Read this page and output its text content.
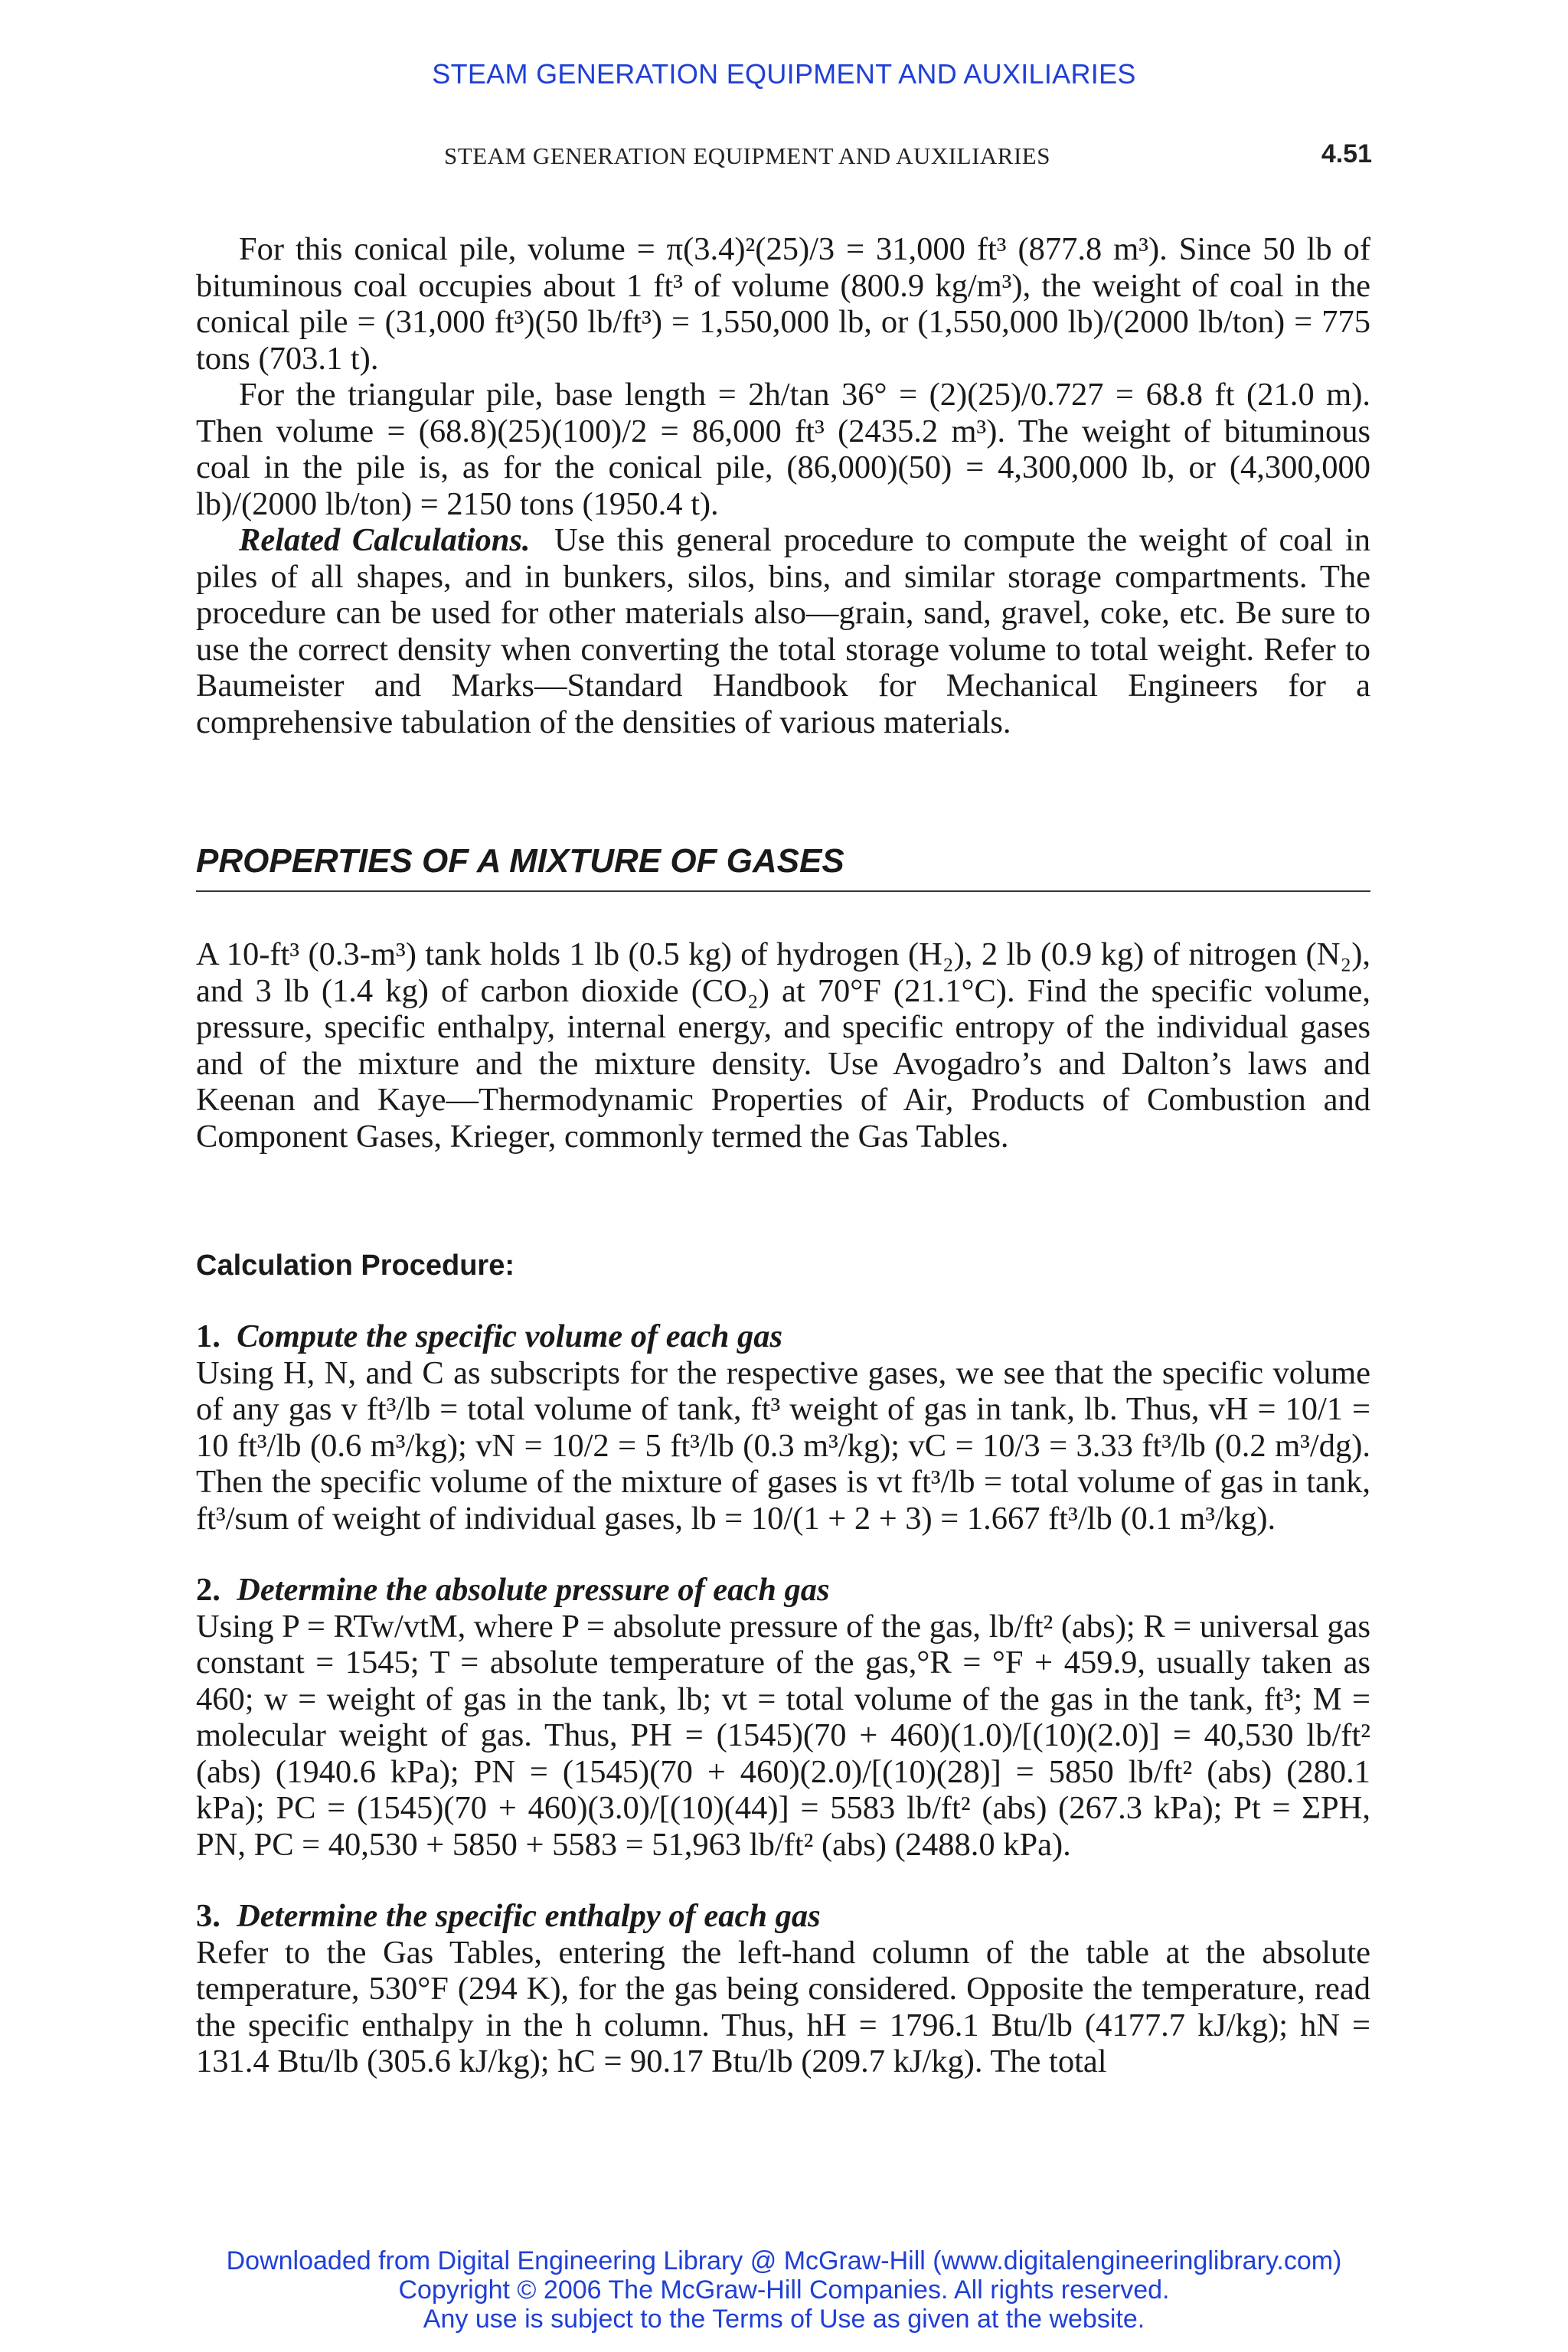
STEAM GENERATION EQUIPMENT AND AUXILIARIES
STEAM GENERATION EQUIPMENT AND AUXILIARIES	4.51

For this conical pile, volume = π(3.4)²(25)/3 = 31,000 ft³ (877.8 m³). Since 50 lb of bituminous coal occupies about 1 ft³ of volume (800.9 kg/m³), the weight of coal in the conical pile = (31,000 ft³)(50 lb/ft³) = 1,550,000 lb, or (1,550,000 lb)/(2000 lb/ton) = 775 tons (703.1 t).

For the triangular pile, base length = 2h/tan 36° = (2)(25)/0.727 = 68.8 ft (21.0 m). Then volume = (68.8)(25)(100)/2 = 86,000 ft³ (2435.2 m³). The weight of bituminous coal in the pile is, as for the conical pile, (86,000)(50) = 4,300,000 lb, or (4,300,000 lb)/(2000 lb/ton) = 2150 tons (1950.4 t).

Related Calculations. Use this general procedure to compute the weight of coal in piles of all shapes, and in bunkers, silos, bins, and similar storage compartments. The procedure can be used for other materials also—grain, sand, gravel, coke, etc. Be sure to use the correct density when converting the total storage volume to total weight. Refer to Baumeister and Marks—Standard Handbook for Mechanical Engineers for a comprehensive tabulation of the densities of various materials.

PROPERTIES OF A MIXTURE OF GASES

A 10-ft³ (0.3-m³) tank holds 1 lb (0.5 kg) of hydrogen (H₂), 2 lb (0.9 kg) of nitrogen (N₂), and 3 lb (1.4 kg) of carbon dioxide (CO₂) at 70°F (21.1°C). Find the specific volume, pressure, specific enthalpy, internal energy, and specific entropy of the individual gases and of the mixture and the mixture density. Use Avogadro’s and Dalton’s laws and Keenan and Kaye—Thermodynamic Properties of Air, Products of Combustion and Component Gases, Krieger, commonly termed the Gas Tables.

Calculation Procedure:

1. Compute the specific volume of each gas

Using H, N, and C as subscripts for the respective gases, we see that the specific volume of any gas v ft³/lb = total volume of tank, ft³ weight of gas in tank, lb. Thus, vH = 10/1 = 10 ft³/lb (0.6 m³/kg); vN = 10/2 = 5 ft³/lb (0.3 m³/kg); vC = 10/3 = 3.33 ft³/lb (0.2 m³/dg). Then the specific volume of the mixture of gases is vt ft³/lb = total volume of gas in tank, ft³/sum of weight of individual gases, lb = 10/(1 + 2 + 3) = 1.667 ft³/lb (0.1 m³/kg).

2. Determine the absolute pressure of each gas

Using P = RTw/vtM, where P = absolute pressure of the gas, lb/ft² (abs); R = universal gas constant = 1545; T = absolute temperature of the gas,°R = °F + 459.9, usually taken as 460; w = weight of gas in the tank, lb; vt = total volume of the gas in the tank, ft³; M = molecular weight of gas. Thus, PH = (1545)(70 + 460)(1.0)/[(10)(2.0)] = 40,530 lb/ft² (abs) (1940.6 kPa); PN = (1545)(70 + 460)(2.0)/[(10)(28)] = 5850 lb/ft² (abs) (280.1 kPa); PC = (1545)(70 + 460)(3.0)/[(10)(44)] = 5583 lb/ft² (abs) (267.3 kPa); Pt = ΣPH, PN, PC = 40,530 + 5850 + 5583 = 51,963 lb/ft² (abs) (2488.0 kPa).

3. Determine the specific enthalpy of each gas

Refer to the Gas Tables, entering the left-hand column of the table at the absolute temperature, 530°F (294 K), for the gas being considered. Opposite the temperature, read the specific enthalpy in the h column. Thus, hH = 1796.1 Btu/lb (4177.7 kJ/kg); hN = 131.4 Btu/lb (305.6 kJ/kg); hC = 90.17 Btu/lb (209.7 kJ/kg). The total

Downloaded from Digital Engineering Library @ McGraw-Hill (www.digitalengineeringlibrary.com)
Copyright © 2006 The McGraw-Hill Companies. All rights reserved.
Any use is subject to the Terms of Use as given at the website.
